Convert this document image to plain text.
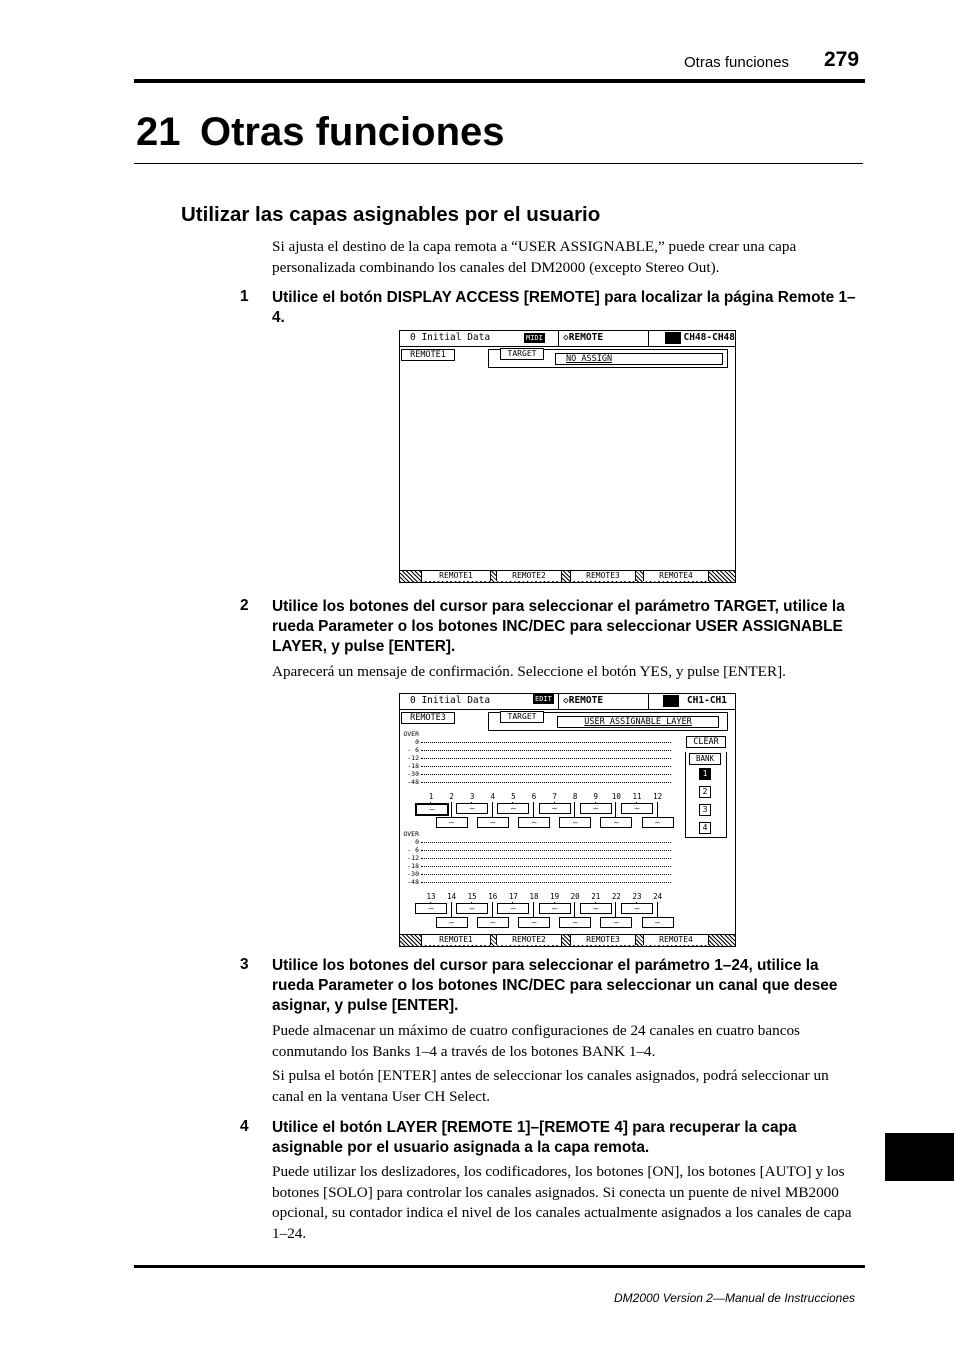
Otras funciones 279
21 Otras funciones
Utilizar las capas asignables por el usuario
Si ajusta el destino de la capa remota a “USER ASSIGNABLE,” puede crear una capa personalizada combinando los canales del DM2000 (excepto Stereo Out).
1 Utilice el botón DISPLAY ACCESS [REMOTE] para localizar la página Remote 1–4.
0 Initial Data	MIDI	◇REMOTE	CH48-CH48
REMOTE1	TARGET
NO ASSIGN
REMOTE1	REMOTE2	REMOTE3	REMOTE4
2 Utilice los botones del cursor para seleccionar el parámetro TARGET, utilice la rueda Parameter o los botones INC/DEC para seleccionar USER ASSIGNABLE LAYER, y pulse [ENTER].
Aparecerá un mensaje de confirmación. Seleccione el botón YES, y pulse [ENTER].
0 Initial Data	EDIT	◇REMOTE	CH1-CH1
REMOTE3	TARGET
USER ASSIGNABLE LAYER
CLEAR
BANK
REMOTE1	REMOTE2	REMOTE3	REMOTE4
1
2
3
4
OVER
0
- 6
-12
-18
-30
-48
1
–
2
–
3
–
4
–
5
–
6
–
7
–
8
–
9
–
10
–
11
–
12
–
OVER
0
- 6
-12
-18
-30
-48
13
–
14
–
15
–
16
–
17
–
18
–
19
–
20
–
21
–
22
–
23
–
24
–
3 Utilice los botones del cursor para seleccionar el parámetro 1–24, utilice la rueda Parameter o los botones INC/DEC para seleccionar un canal que desee asignar, y pulse [ENTER].
Puede almacenar un máximo de cuatro configuraciones de 24 canales en cuatro bancos conmutando los Banks 1–4 a través de los botones BANK 1–4.
Si pulsa el botón [ENTER] antes de seleccionar los canales asignados, podrá seleccionar un canal en la ventana User CH Select.
4 Utilice el botón LAYER [REMOTE 1]–[REMOTE 4] para recuperar la capa asignable por el usuario asignada a la capa remota.
Puede utilizar los deslizadores, los codificadores, los botones [ON], los botones [AUTO] y los botones [SOLO] para controlar los canales asignados. Si conecta un puente de nivel MB2000 opcional, su contador indica el nivel de los canales actualmente asignados a los canales de capa 1–24.
DM2000 Version 2—Manual de Instrucciones
